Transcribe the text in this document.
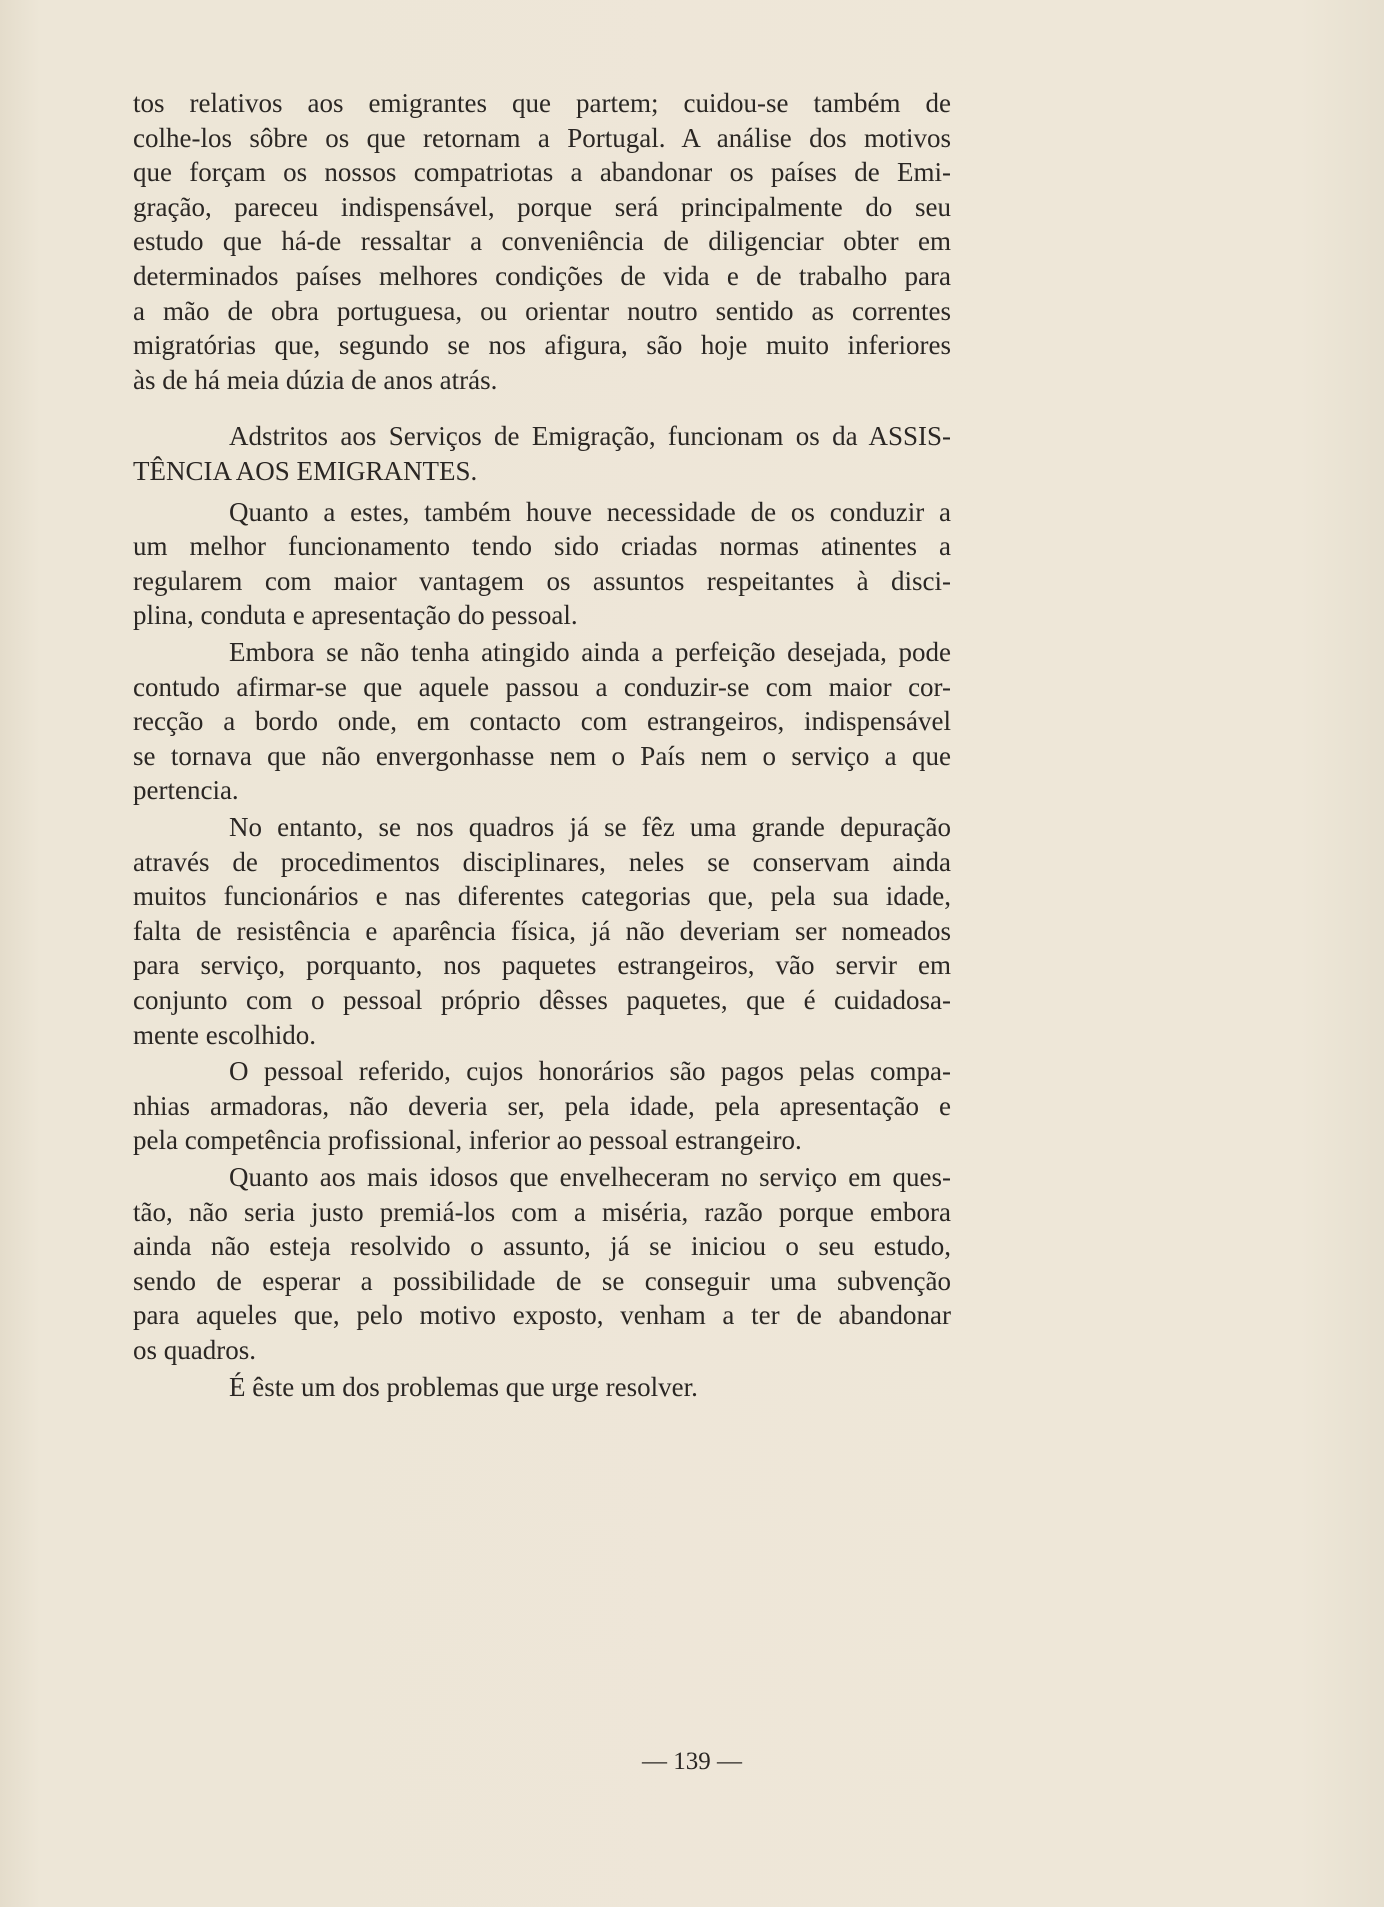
tos relativos aos emigrantes que partem; cuidou-se também de
colhe-los sôbre os que retornam a Portugal. A análise dos motivos
que forçam os nossos compatriotas a abandonar os países de Emi-
gração, pareceu indispensável, porque será principalmente do seu
estudo que há-de ressaltar a conveniência de diligenciar obter em
determinados países melhores condições de vida e de trabalho para
a mão de obra portuguesa, ou orientar noutro sentido as correntes
migratórias que, segundo se nos afigura, são hoje muito inferiores
às de há meia dúzia de anos atrás.
Adstritos aos Serviços de Emigração, funcionam os da ASSIS-
TÊNCIA AOS EMIGRANTES.
Quanto a estes, também houve necessidade de os conduzir a
um melhor funcionamento tendo sido criadas normas atinentes a
regularem com maior vantagem os assuntos respeitantes à disci-
plina, conduta e apresentação do pessoal.
Embora se não tenha atingido ainda a perfeição desejada, pode
contudo afirmar-se que aquele passou a conduzir-se com maior cor-
recção a bordo onde, em contacto com estrangeiros, indispensável
se tornava que não envergonhasse nem o País nem o serviço a que
pertencia.
No entanto, se nos quadros já se fêz uma grande depuração
através de procedimentos disciplinares, neles se conservam ainda
muitos funcionários e nas diferentes categorias que, pela sua idade,
falta de resistência e aparência física, já não deveriam ser nomeados
para serviço, porquanto, nos paquetes estrangeiros, vão servir em
conjunto com o pessoal próprio dêsses paquetes, que é cuidadosa-
mente escolhido.
O pessoal referido, cujos honorários são pagos pelas compa-
nhias armadoras, não deveria ser, pela idade, pela apresentação e
pela competência profissional, inferior ao pessoal estrangeiro.
Quanto aos mais idosos que envelheceram no serviço em ques-
tão, não seria justo premiá-los com a miséria, razão porque embora
ainda não esteja resolvido o assunto, já se iniciou o seu estudo,
sendo de esperar a possibilidade de se conseguir uma subvenção
para aqueles que, pelo motivo exposto, venham a ter de abandonar
os quadros.
É êste um dos problemas que urge resolver.
— 139 —
